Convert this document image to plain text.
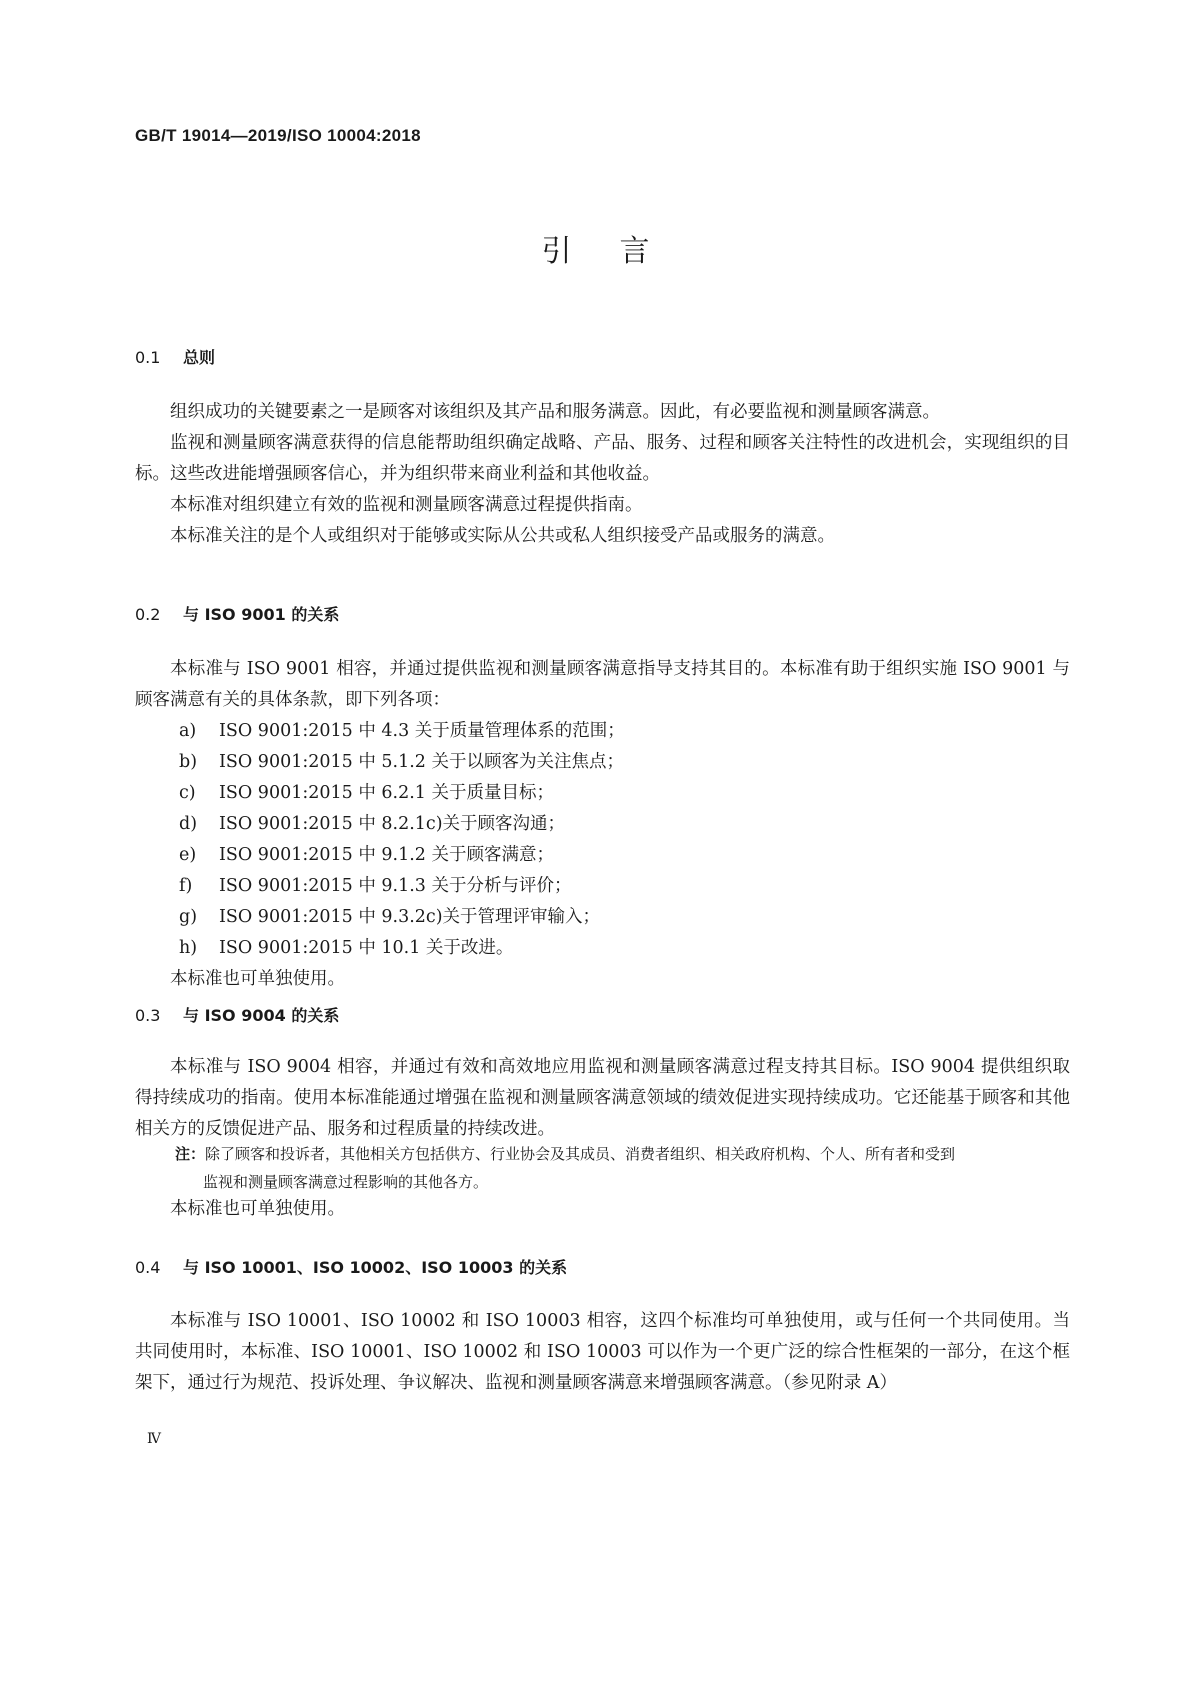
GB/T 19014—2019/ISO 10004:2018
引言
0.1 总则

组织成功的关键要素之一是顾客对该组织及其产品和服务满意。因此，有必要监视和测量顾客满意。

监视和测量顾客满意获得的信息能帮助组织确定战略、产品、服务、过程和顾客关注特性的改进机会，实现组织的目标。这些改进能增强顾客信心，并为组织带来商业利益和其他收益。

本标准对组织建立有效的监视和测量顾客满意过程提供指南。

本标准关注的是个人或组织对于能够或实际从公共或私人组织接受产品或服务的满意。

0.2 与 ISO 9001 的关系

本标准与 ISO 9001 相容，并通过提供监视和测量顾客满意指导支持其目的。本标准有助于组织实施 ISO 9001 与顾客满意有关的具体条款，即下列各项：

a) ISO 9001:2015 中 4.3 关于质量管理体系的范围；

b) ISO 9001:2015 中 5.1.2 关于以顾客为关注焦点；

c) ISO 9001:2015 中 6.2.1 关于质量目标；

d) ISO 9001:2015 中 8.2.1c)关于顾客沟通；

e) ISO 9001:2015 中 9.1.2 关于顾客满意；

f) ISO 9001:2015 中 9.1.3 关于分析与评价；

g) ISO 9001:2015 中 9.3.2c)关于管理评审输入；

h) ISO 9001:2015 中 10.1 关于改进。

本标准也可单独使用。

0.3 与 ISO 9004 的关系

本标准与 ISO 9004 相容，并通过有效和高效地应用监视和测量顾客满意过程支持其目标。ISO 9004 提供组织取得持续成功的指南。使用本标准能通过增强在监视和测量顾客满意领域的绩效促进实现持续成功。它还能基于顾客和其他相关方的反馈促进产品、服务和过程质量的持续改进。

注：除了顾客和投诉者，其他相关方包括供方、行业协会及其成员、消费者组织、相关政府机构、个人、所有者和受到
监视和测量顾客满意过程影响的其他各方。

本标准也可单独使用。

0.4 与 ISO 10001、ISO 10002、ISO 10003 的关系

本标准与 ISO 10001、ISO 10002 和 ISO 10003 相容，这四个标准均可单独使用，或与任何一个共同使用。当共同使用时，本标准、ISO 10001、ISO 10002 和 ISO 10003 可以作为一个更广泛的综合性框架的一部分，在这个框架下，通过行为规范、投诉处理、争议解决、监视和测量顾客满意来增强顾客满意。（参见附录 A）

Ⅳ
